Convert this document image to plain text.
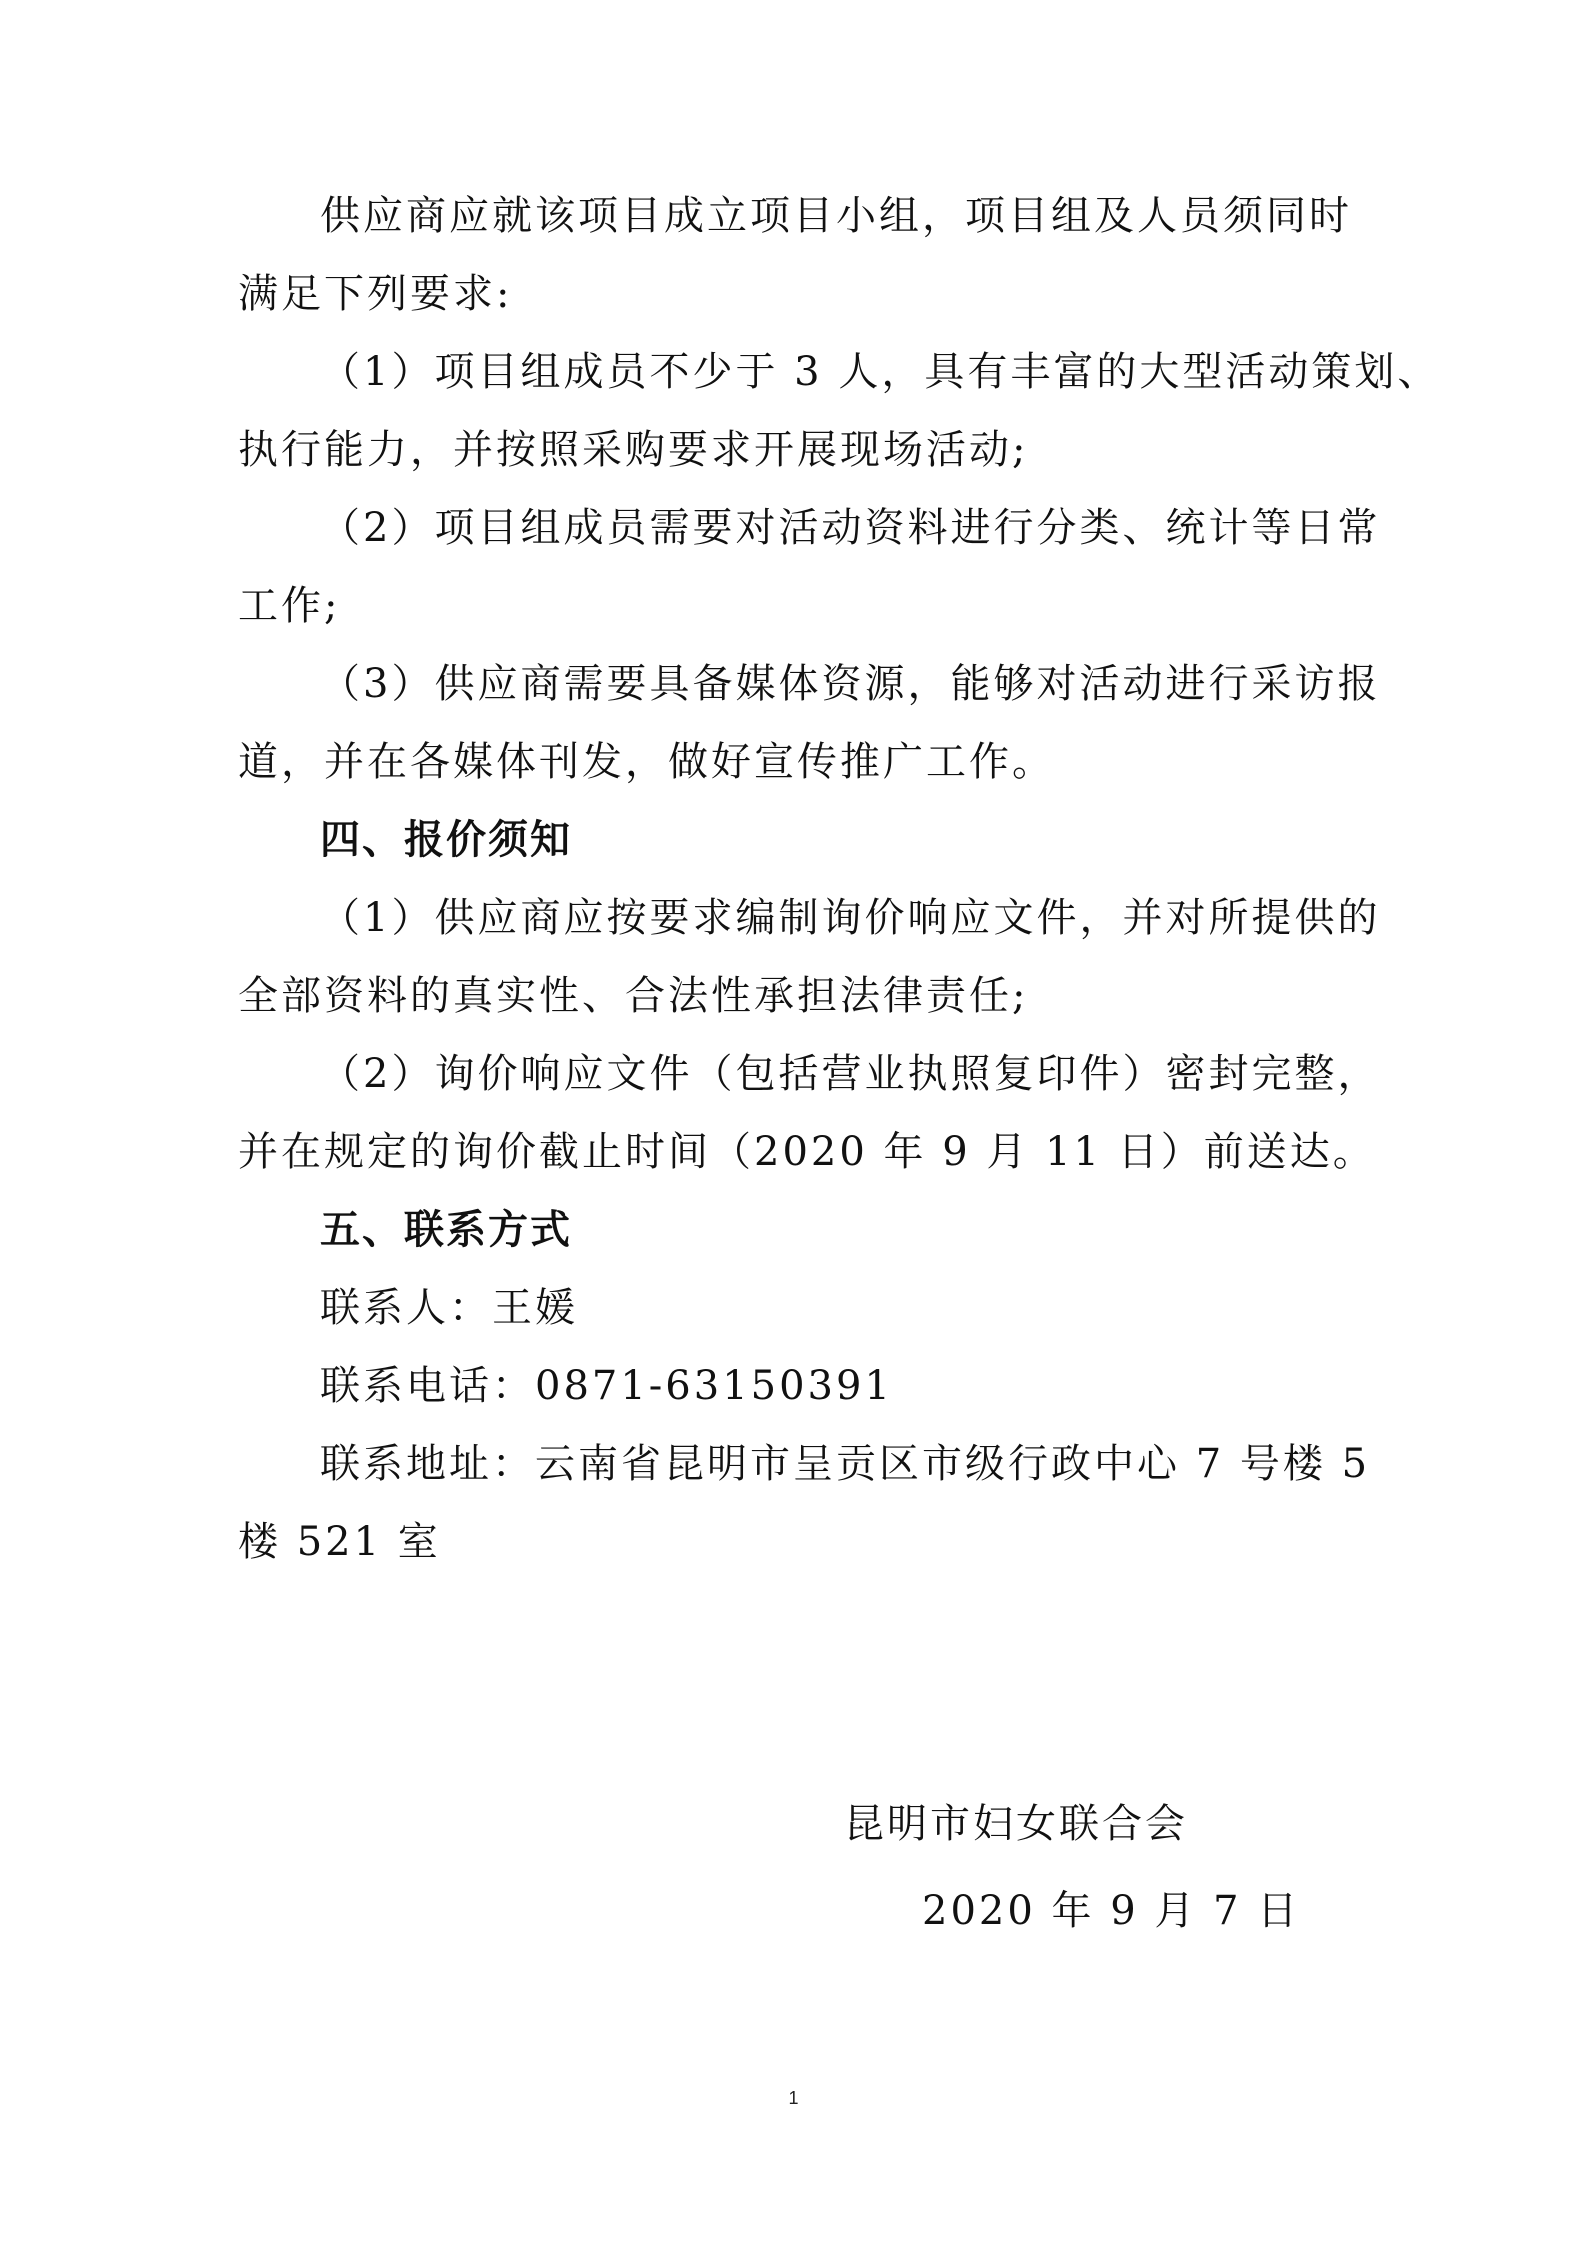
供应商应就该项目成立项目小组，项目组及人员须同时
满足下列要求:
（1）项目组成员不少于 3 人，具有丰富的大型活动策划、
执行能力，并按照采购要求开展现场活动;
（2）项目组成员需要对活动资料进行分类、统计等日常
工作;
（3）供应商需要具备媒体资源，能够对活动进行采访报
道，并在各媒体刊发，做好宣传推广工作。
四、报价须知
（1）供应商应按要求编制询价响应文件，并对所提供的
全部资料的真实性、合法性承担法律责任;
（2）询价响应文件（包括营业执照复印件）密封完整，
并在规定的询价截止时间（2020 年 9 月 11 日）前送达。
五、联系方式
联系人：王媛
联系电话：0871-63150391
联系地址：云南省昆明市呈贡区市级行政中心 7 号楼 5
楼 521 室
昆明市妇女联合会
2020 年 9 月 7 日
1
